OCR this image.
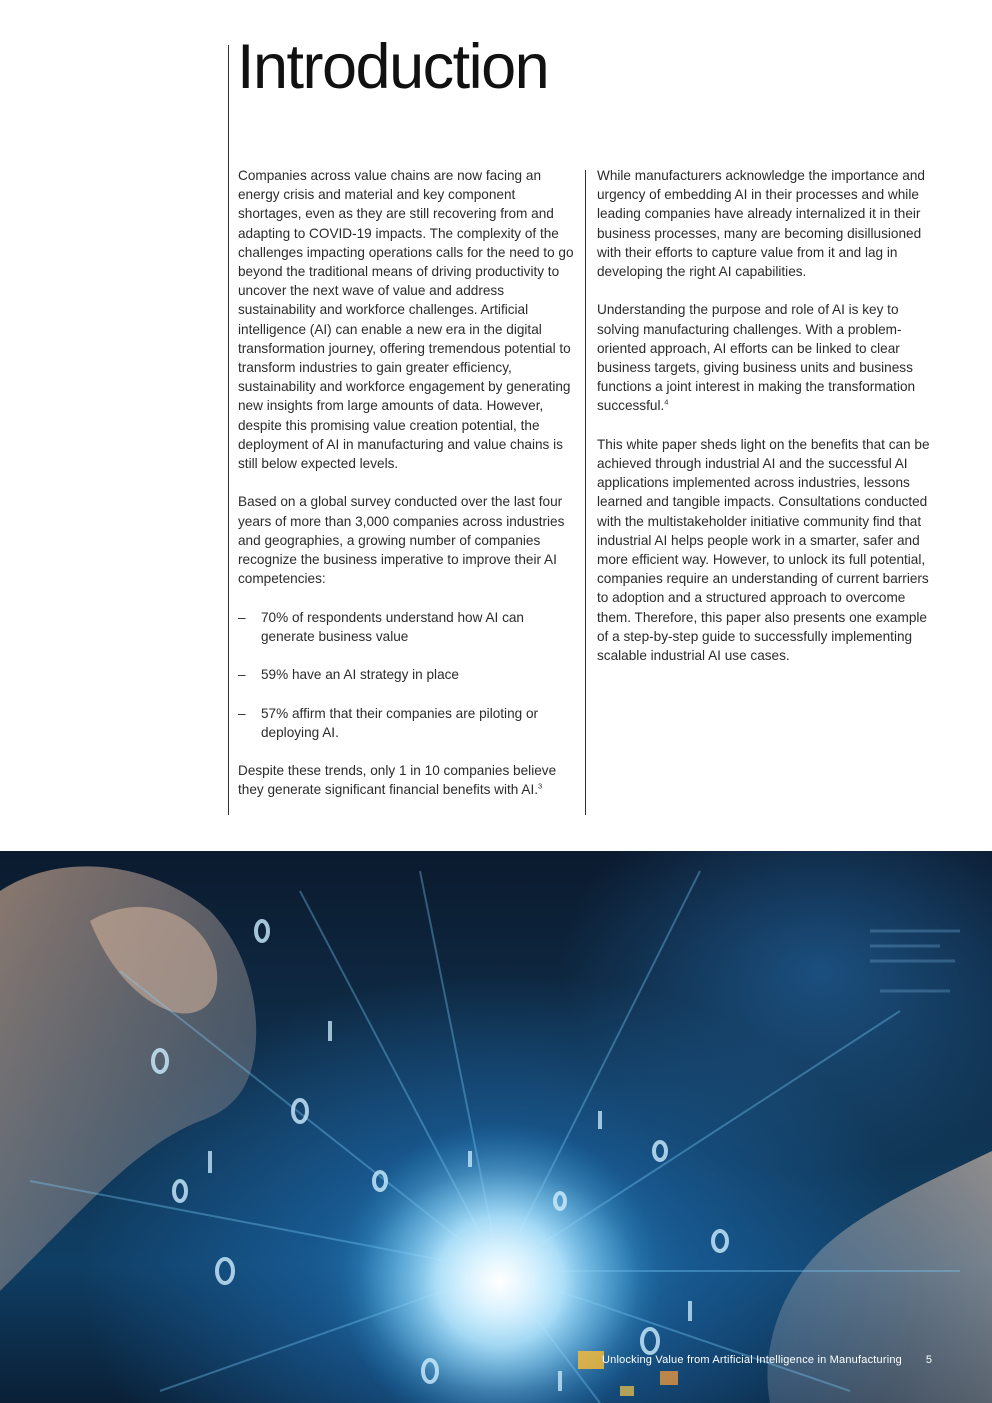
Introduction

Companies across value chains are now facing an energy crisis and material and key component shortages, even as they are still recovering from and adapting to COVID-19 impacts. The complexity of the challenges impacting operations calls for the need to go beyond the traditional means of driving productivity to uncover the next wave of value and address sustainability and workforce challenges. Artificial intelligence (AI) can enable a new era in the digital transformation journey, offering tremendous potential to transform industries to gain greater efficiency, sustainability and workforce engagement by generating new insights from large amounts of data. However, despite this promising value creation potential, the deployment of AI in manufacturing and value chains is still below expected levels.

Based on a global survey conducted over the last four years of more than 3,000 companies across industries and geographies, a growing number of companies recognize the business imperative to improve their AI competencies:

– 70% of respondents understand how AI can generate business value
– 59% have an AI strategy in place
– 57% affirm that their companies are piloting or deploying AI.

Despite these trends, only 1 in 10 companies believe they generate significant financial benefits with AI.$^3$

While manufacturers acknowledge the importance and urgency of embedding AI in their processes and while leading companies have already internalized it in their business processes, many are becoming disillusioned with their efforts to capture value from it and lag in developing the right AI capabilities.

Understanding the purpose and role of AI is key to solving manufacturing challenges. With a problem-oriented approach, AI efforts can be linked to clear business targets, giving business units and business functions a joint interest in making the transformation successful.$^4$

This white paper sheds light on the benefits that can be achieved through industrial AI and the successful AI applications implemented across industries, lessons learned and tangible impacts. Consultations conducted with the multistakeholder initiative community find that industrial AI helps people work in a smarter, safer and more efficient way. However, to unlock its full potential, companies require an understanding of current barriers to adoption and a structured approach to overcome them. Therefore, this paper also presents one example of a step-by-step guide to successfully implementing scalable industrial AI use cases.

Unlocking Value from Artificial Intelligence in Manufacturing 5
